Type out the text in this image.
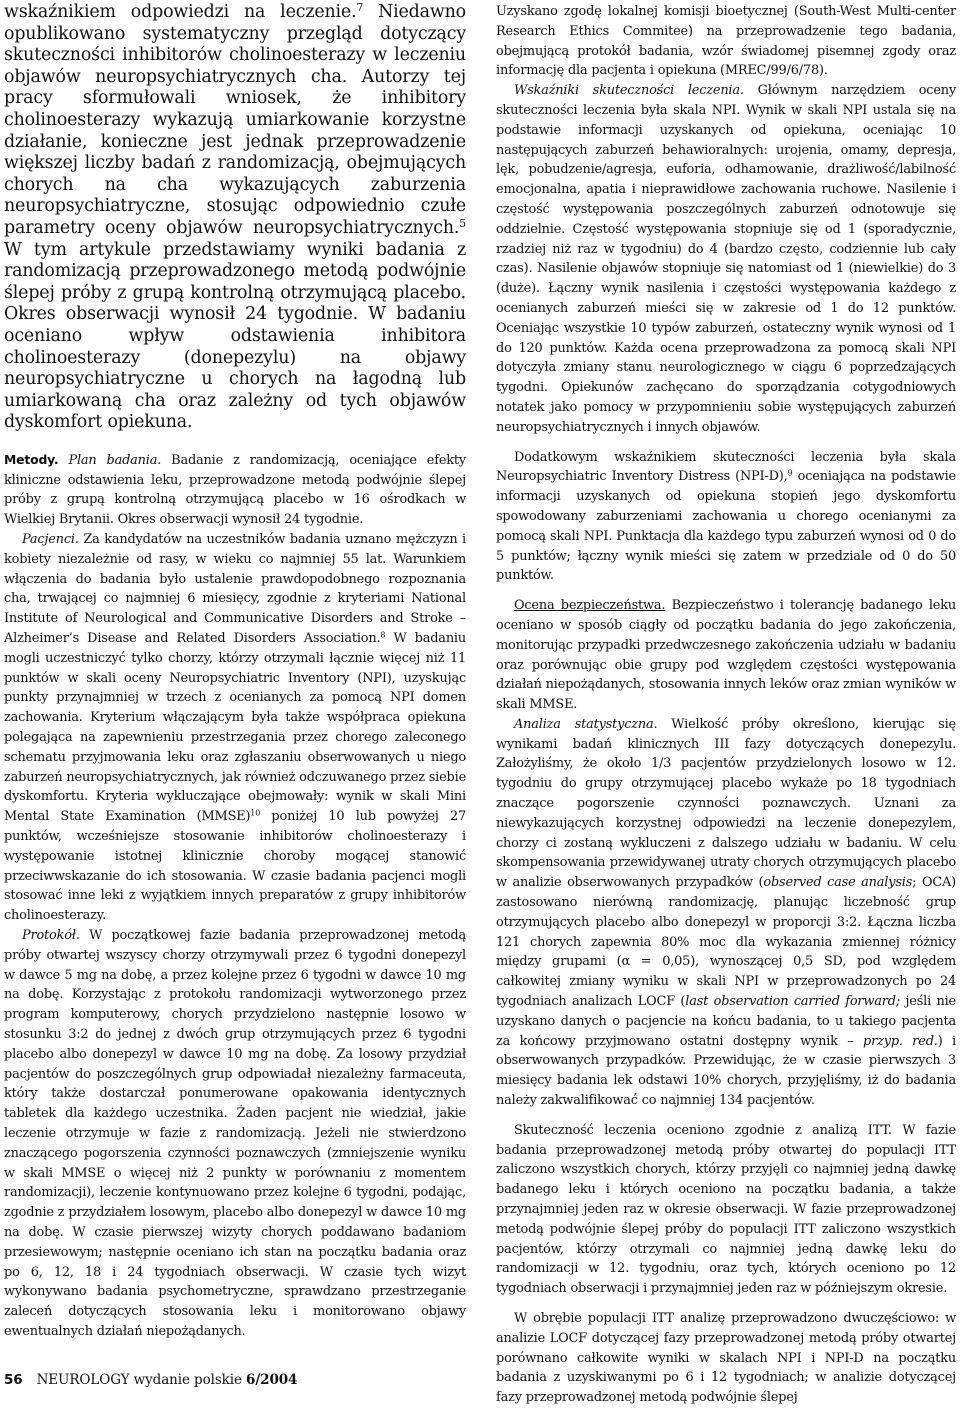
wskaźnikiem odpowiedzi na leczenie.$^7$ Niedawno opublikowano systematyczny przegląd dotyczący skuteczności inhibitorów cholinoesterazy w leczeniu objawów neuropsychiatrycznych cha. Autorzy tej pracy sformułowali wniosek, że inhibitory cholinoesterazy wykazują umiarkowanie korzystne działanie, konieczne jest jednak przeprowadzenie większej liczby badań z randomizacją, obejmujących chorych na cha wykazujących zaburzenia neuropsychiatryczne, stosując odpowiednio czułe parametry oceny objawów neuropsychiatrycznych.$^5$ W tym artykule przedstawiamy wyniki badania z randomizacją przeprowadzonego metodą podwójnie ślepej próby z grupą kontrolną otrzymującą placebo. Okres obserwacji wynosił 24 tygodnie. W badaniu oceniano wpływ odstawienia inhibitora cholinoesterazy (donepezylu) na objawy neuropsychiatryczne u chorych na łagodną lub umiarkowaną cha oraz zależny od tych objawów dyskomfort opiekuna.

Metody. Plan badania. Badanie z randomizacją, oceniające efekty kliniczne odstawienia leku, przeprowadzone metodą podwójnie ślepej próby z grupą kontrolną otrzymującą placebo w 16 ośrodkach w Wielkiej Brytanii. Okres obserwacji wynosił 24 tygodnie.

Pacjenci. Za kandydatów na uczestników badania uznano mężczyzn i kobiety niezależnie od rasy, w wieku co najmniej 55 lat. Warunkiem włączenia do badania było ustalenie prawdopodobnego rozpoznania cha, trwającej co najmniej 6 miesięcy, zgodnie z kryteriami National Institute of Neurological and Communicative Disorders and Stroke – Alzheimer’s Disease and Related Disorders Association.$^8$ W badaniu mogli uczestniczyć tylko chorzy, którzy otrzymali łącznie więcej niż 11 punktów w skali oceny Neuropsychiatric Inventory (NPI), uzyskując punkty przynajmniej w trzech z ocenianych za pomocą NPI domen zachowania. Kryterium włączającym była także współpraca opiekuna polegająca na zapewnieniu przestrzegania przez chorego zaleconego schematu przyjmowania leku oraz zgłaszaniu obserwowanych u niego zaburzeń neuropsychiatrycznych, jak również odczuwanego przez siebie dyskomfortu. Kryteria wykluczające obejmowały: wynik w skali Mini Mental State Examination (MMSE)$^{10}$ poniżej 10 lub powyżej 27 punktów, wcześniejsze stosowanie inhibitorów cholinoesterazy i występowanie istotnej klinicznie choroby mogącej stanowić przeciwwskazanie do ich stosowania. W czasie badania pacjenci mogli stosować inne leki z wyjątkiem innych preparatów z grupy inhibitorów cholinoesterazy.

Protokół. W początkowej fazie badania przeprowadzonej metodą próby otwartej wszyscy chorzy otrzymywali przez 6 tygodni donepezyl w dawce 5 mg na dobę, a przez kolejne przez 6 tygodni w dawce 10 mg na dobę. Korzystając z protokołu randomizacji wytworzonego przez program komputerowy, chorych przydzielono następnie losowo w stosunku 3:2 do jednej z dwóch grup otrzymujących przez 6 tygodni placebo albo donepezyl w dawce 10 mg na dobę. Za losowy przydział pacjentów do poszczególnych grup odpowiadał niezależny farmaceuta, który także dostarczał ponumerowane opakowania identycznych tabletek dla każdego uczestnika. Żaden pacjent nie wiedział, jakie leczenie otrzymuje w fazie z randomizacją. Jeżeli nie stwierdzono znaczącego pogorszenia czynności poznawczych (zmniejszenie wyniku w skali MMSE o więcej niż 2 punkty w porównaniu z momentem randomizacji), leczenie kontynuowano przez kolejne 6 tygodni, podając, zgodnie z przydziałem losowym, placebo albo donepezyl w dawce 10 mg na dobę. W czasie pierwszej wizyty chorych poddawano badaniom przesiewowym; następnie oceniano ich stan na początku badania oraz po 6, 12, 18 i 24 tygodniach obserwacji. W czasie tych wizyt wykonywano badania psychometryczne, sprawdzano przestrzeganie zaleceń dotyczących stosowania leku i monitorowano objawy ewentualnych działań niepożądanych.

Uzyskano zgodę lokalnej komisji bioetycznej (South-West Multi-center Research Ethics Commitee) na przeprowadzenie tego badania, obejmującą protokół badania, wzór świadomej pisemnej zgody oraz informację dla pacjenta i opiekuna (MREC/99/6/78).

Wskaźniki skuteczności leczenia. Głównym narzędziem oceny skuteczności leczenia była skala NPI. Wynik w skali NPI ustala się na podstawie informacji uzyskanych od opiekuna, oceniając 10 następujących zaburzeń behawioralnych: urojenia, omamy, depresja, lęk, pobudzenie/agresja, euforia, odhamowanie, drażliwość/labilność emocjonalna, apatia i nieprawidłowe zachowania ruchowe. Nasilenie i częstość występowania poszczególnych zaburzeń odnotowuje się oddzielnie. Częstość występowania stopniuje się od 1 (sporadycznie, rzadziej niż raz w tygodniu) do 4 (bardzo często, codziennie lub cały czas). Nasilenie objawów stopniuje się natomiast od 1 (niewielkie) do 3 (duże). Łączny wynik nasilenia i częstości występowania każdego z ocenianych zaburzeń mieści się w zakresie od 1 do 12 punktów. Oceniając wszystkie 10 typów zaburzeń, ostateczny wynik wynosi od 1 do 120 punktów. Każda ocena przeprowadzona za pomocą skali NPI dotyczyła zmiany stanu neurologicznego w ciągu 6 poprzedzających tygodni. Opiekunów zachęcano do sporządzania cotygodniowych notatek jako pomocy w przypomnieniu sobie występujących zaburzeń neuropsychiatrycznych i innych objawów.

Dodatkowym wskaźnikiem skuteczności leczenia była skala Neuropsychiatric Inventory Distress (NPI-D),$^9$ oceniająca na podstawie informacji uzyskanych od opiekuna stopień jego dyskomfortu spowodowany zaburzeniami zachowania u chorego ocenianymi za pomocą skali NPI. Punktacja dla każdego typu zaburzeń wynosi od 0 do 5 punktów; łączny wynik mieści się zatem w przedziale od 0 do 50 punktów.

Ocena bezpieczeństwa. Bezpieczeństwo i tolerancję badanego leku oceniano w sposób ciągły od początku badania do jego zakończenia, monitorując przypadki przedwczesnego zakończenia udziału w badaniu oraz porównując obie grupy pod względem częstości występowania działań niepożądanych, stosowania innych leków oraz zmian wyników w skali MMSE.

Analiza statystyczna. Wielkość próby określono, kierując się wynikami badań klinicznych III fazy dotyczących donepezylu. Założyliśmy, że około 1/3 pacjentów przydzielonych losowo w 12. tygodniu do grupy otrzymującej placebo wykaże po 18 tygodniach znaczące pogorszenie czynności poznawczych. Uznani za niewykazujących korzystnej odpowiedzi na leczenie donepezylem, chorzy ci zostaną wykluczeni z dalszego udziału w badaniu. W celu skompensowania przewidywanej utraty chorych otrzymujących placebo w analizie obserwowanych przypadków (observed case analysis; OCA) zastosowano nierówną randomizację, planując liczebność grup otrzymujących placebo albo donepezyl w proporcji 3:2. Łączna liczba 121 chorych zapewnia 80% moc dla wykazania zmiennej różnicy między grupami (α = 0,05), wynoszącej 0,5 SD, pod względem całkowitej zmiany wyniku w skali NPI w przeprowadzonych po 24 tygodniach analizach LOCF (last observation carried forward; jeśli nie uzyskano danych o pacjencie na końcu badania, to u takiego pacjenta za końcowy przyjmowano ostatni dostępny wynik – przyp. red.) i obserwowanych przypadków. Przewidując, że w czasie pierwszych 3 miesięcy badania lek odstawi 10% chorych, przyjęliśmy, iż do badania należy zakwalifikować co najmniej 134 pacjentów.

Skuteczność leczenia oceniono zgodnie z analizą ITT. W fazie badania przeprowadzonej metodą próby otwartej do populacji ITT zaliczono wszystkich chorych, którzy przyjęli co najmniej jedną dawkę badanego leku i których oceniono na początku badania, a także przynajmniej jeden raz w okresie obserwacji. W fazie przeprowadzonej metodą podwójnie ślepej próby do populacji ITT zaliczono wszystkich pacjentów, którzy otrzymali co najmniej jedną dawkę leku do randomizacji w 12. tygodniu, oraz tych, których oceniono po 12 tygodniach obserwacji i przynajmniej jeden raz w późniejszym okresie.

W obrębie populacji ITT analizę przeprowadzono dwuczęściowo: w analizie LOCF dotyczącej fazy przeprowadzonej metodą próby otwartej porównano całkowite wyniki w skalach NPI i NPI-D na początku badania z uzyskiwanymi po 6 i 12 tygodniach; w analizie dotyczącej fazy przeprowadzonej metodą podwójnie ślepej

56 NEUROLOGY wydanie polskie 6/2004
